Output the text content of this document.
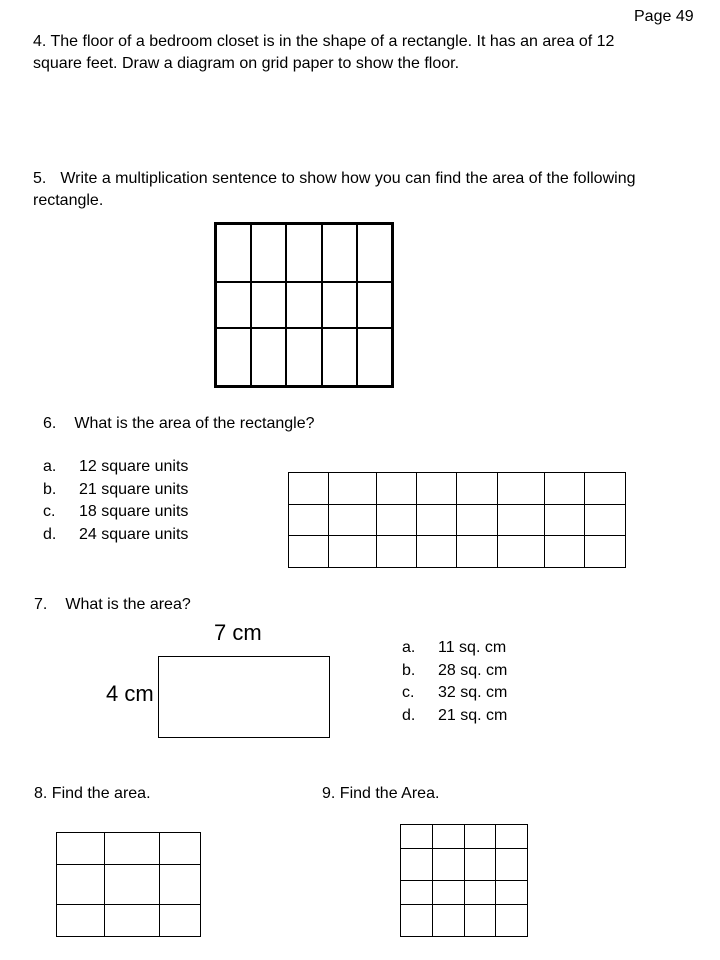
Page 49
4. The floor of a bedroom closet is in the shape of a rectangle. It has an area of 12 square feet. Draw a diagram on grid paper to show the floor.
5. Write a multiplication sentence to show how you can find the area of the following rectangle.

6. What is the area of the rectangle?
a. 12 square units
b. 21 square units
c. 18 square units
d. 24 square units

7. What is the area?
7 cm
4 cm
a. 11 sq. cm
b. 28 sq. cm
c. 32 sq. cm
d. 21 sq. cm
8. Find the area.

			9. Find the Area.
